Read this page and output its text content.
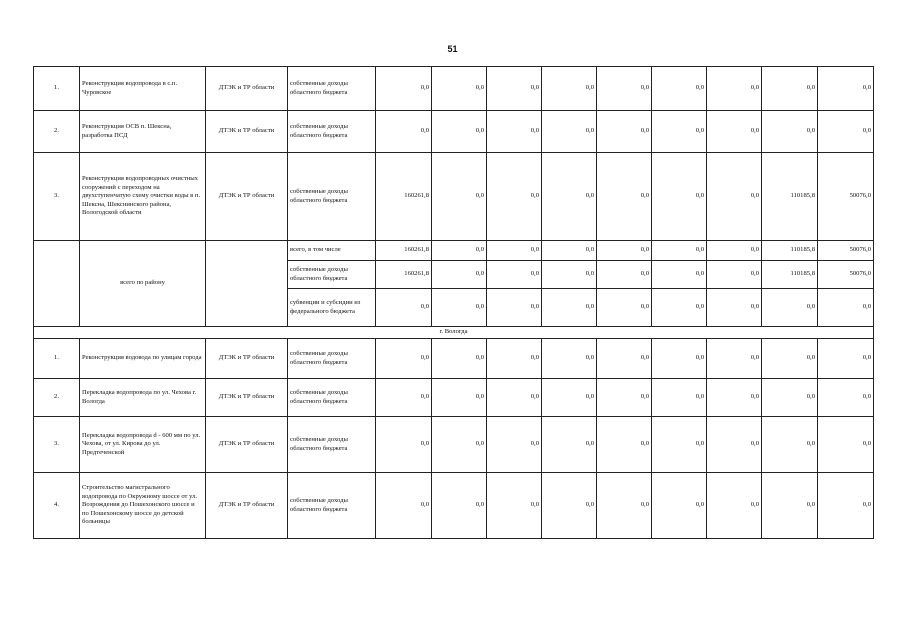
51
1.	Реконструкция водопровода в с.п. Чуровское	ДТЭК и ТР области	собственные доходы областного бюджета	0,0	0,0	0,0	0,0	0,0	0,0	0,0	0,0	0,0
2.	Реконструкция ОСВ п. Шексна, разработка ПСД	ДТЭК и ТР области	собственные доходы областного бюджета	0,0	0,0	0,0	0,0	0,0	0,0	0,0	0,0	0,0
3.	Реконструкция водопроводных очистных сооружений с переходом на двухступенчатую схему очистки воды в п. Шексна, Шекснинского района, Вологодской области	ДТЭК и ТР области	собственные доходы областного бюджета	160261,8	0,0	0,0	0,0	0,0	0,0	0,0	110185,8	50076,0
	всего по району		всего, в том числе	160261,8	0,0	0,0	0,0	0,0	0,0	0,0	110185,8	50076,0
			собственные доходы областного бюджета	160261,8	0,0	0,0	0,0	0,0	0,0	0,0	110185,8	50076,0
			субвенции и субсидии из федерального бюджета	0,0	0,0	0,0	0,0	0,0	0,0	0,0	0,0	0,0
г. Вологда												
1.	Реконструкция водовода по улицам города	ДТЭК и ТР области	собственные доходы областного бюджета	0,0	0,0	0,0	0,0	0,0	0,0	0,0	0,0	0,0
2.	Перекладка водопровода по ул. Чехова г. Вологда	ДТЭК и ТР области	собственные доходы областного бюджета	0,0	0,0	0,0	0,0	0,0	0,0	0,0	0,0	0,0
3.	Перекладка водопровода d - 600 мм по ул. Чехова, от ул. Кирова до ул. Предтеченской	ДТЭК и ТР области	собственные доходы областного бюджета	0,0	0,0	0,0	0,0	0,0	0,0	0,0	0,0	0,0
4.	Строительство магистрального водопровода по Окружному шоссе от ул. Возрождения до Пошехонского шоссе и по Пошехонскому шоссе до детской больницы	ДТЭК и ТР области	собственные доходы областного бюджета	0,0	0,0	0,0	0,0	0,0	0,0	0,0	0,0	0,0
